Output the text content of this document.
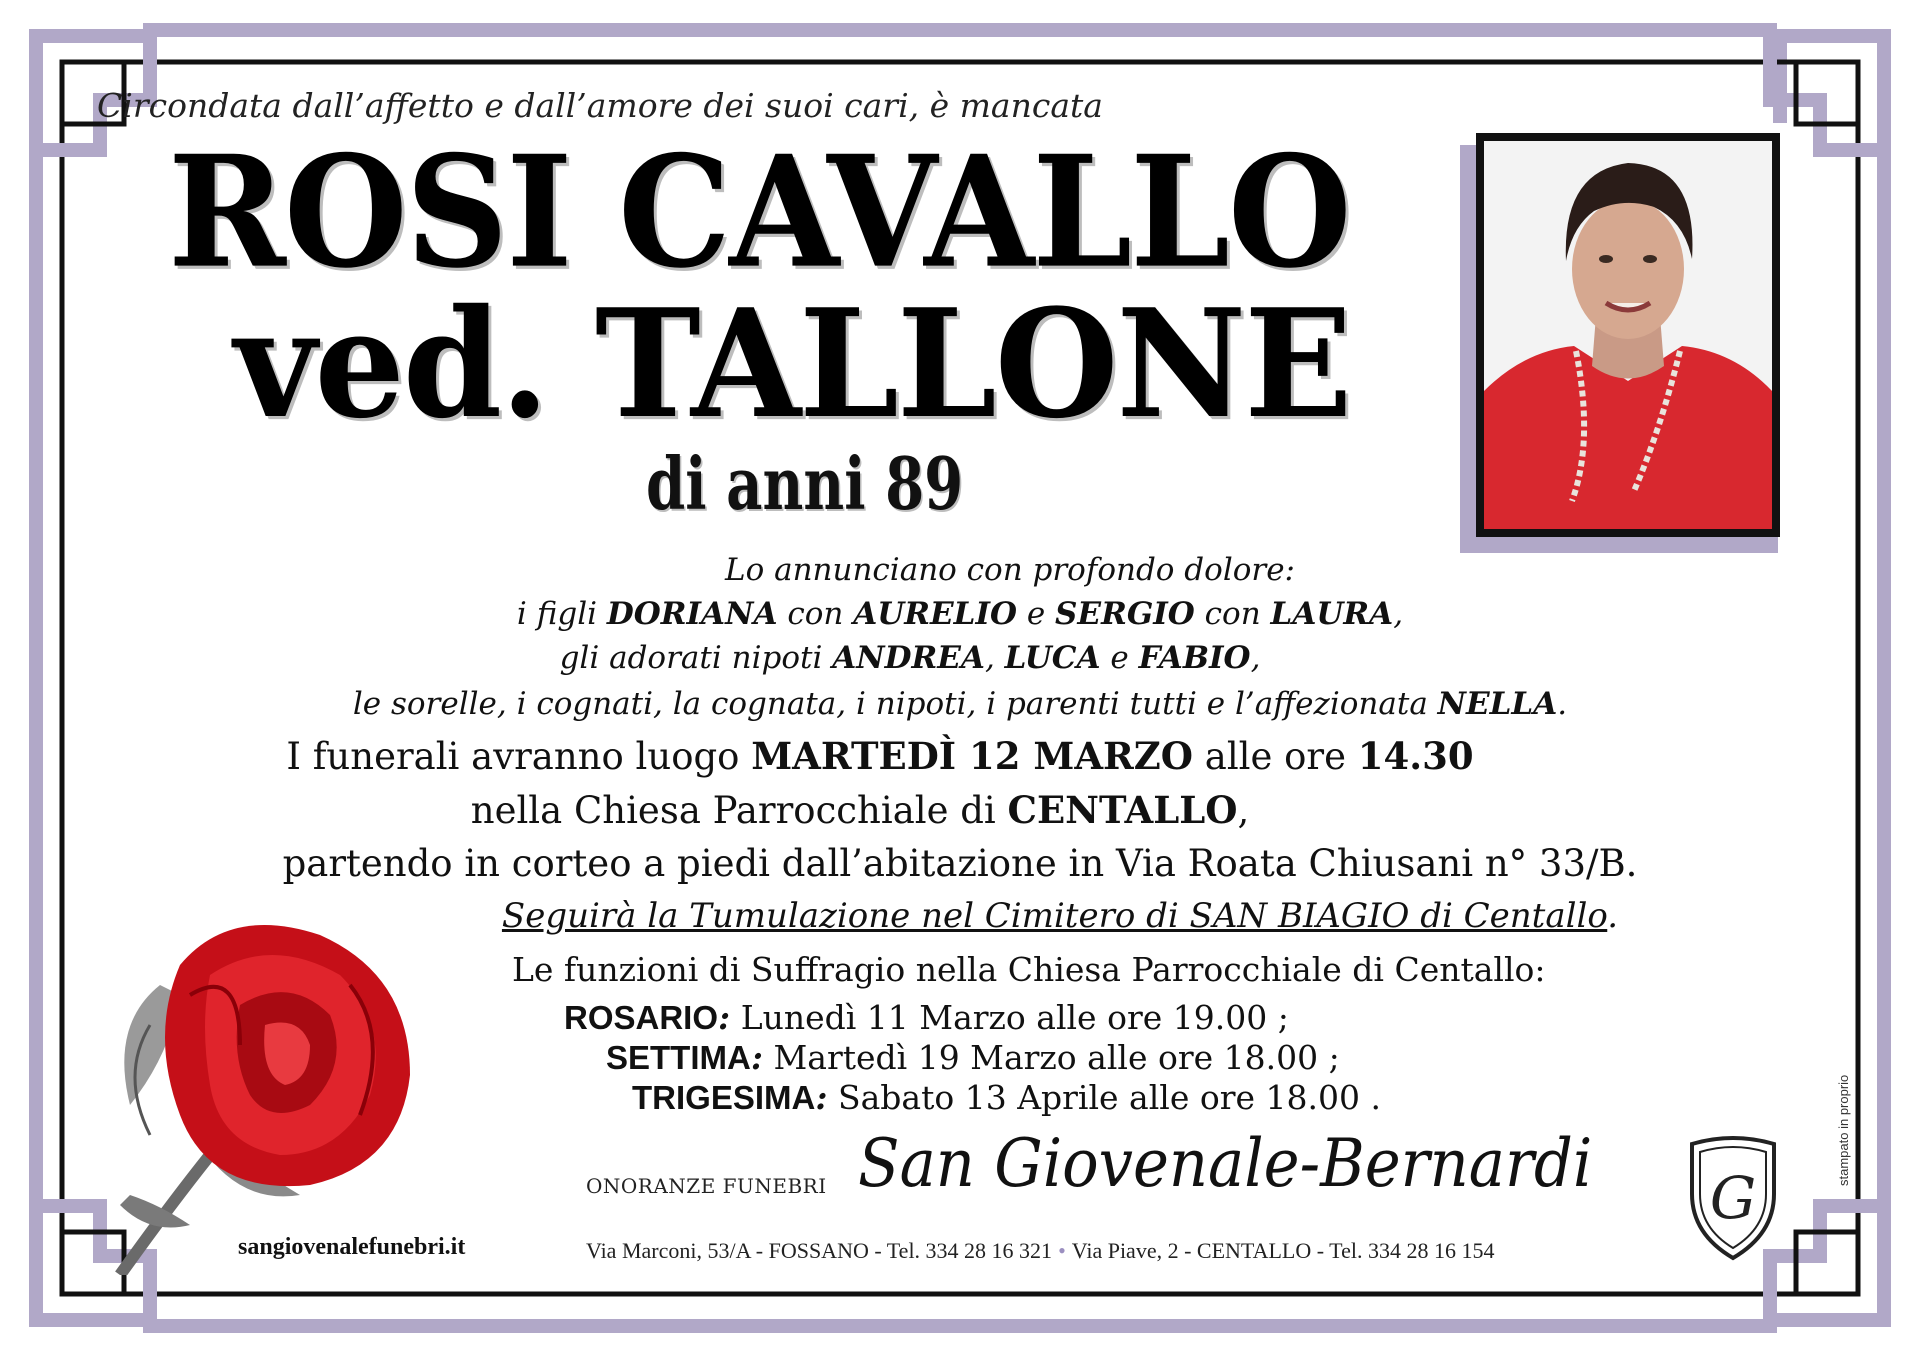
Circondata dall’affetto e dall’amore dei suoi cari, è mancata
ROSI CAVALLO
ved. TALLONE
di anni 89
Lo annunciano con profondo dolore:
i figli DORIANA con AURELIO e SERGIO con LAURA,
gli adorati nipoti ANDREA, LUCA e FABIO,
le sorelle, i cognati, la cognata, i nipoti, i parenti tutti e l’affezionata NELLA.
I funerali avranno luogo MARTEDÌ 12 MARZO alle ore 14.30
nella Chiesa Parrocchiale di CENTALLO,
partendo in corteo a piedi dall’abitazione in Via Roata Chiusani n° 33/B.
Seguirà la Tumulazione nel Cimitero di SAN BIAGIO di Centallo.
Le funzioni di Suffragio nella Chiesa Parrocchiale di Centallo:
ROSARIO: Lunedì 11 Marzo alle ore 19.00 ;
SETTIMA: Martedì 19 Marzo alle ore 18.00 ;
TRIGESIMA: Sabato 13 Aprile alle ore 18.00 .
sangiovenalefunebri.it
ONORANZE FUNEBRI San Giovenale-Bernardi G
Via Marconi, 53/A - FOSSANO - Tel. 334 28 16 321 • Via Piave, 2 - CENTALLO - Tel. 334 28 16 154
stampato in proprio
